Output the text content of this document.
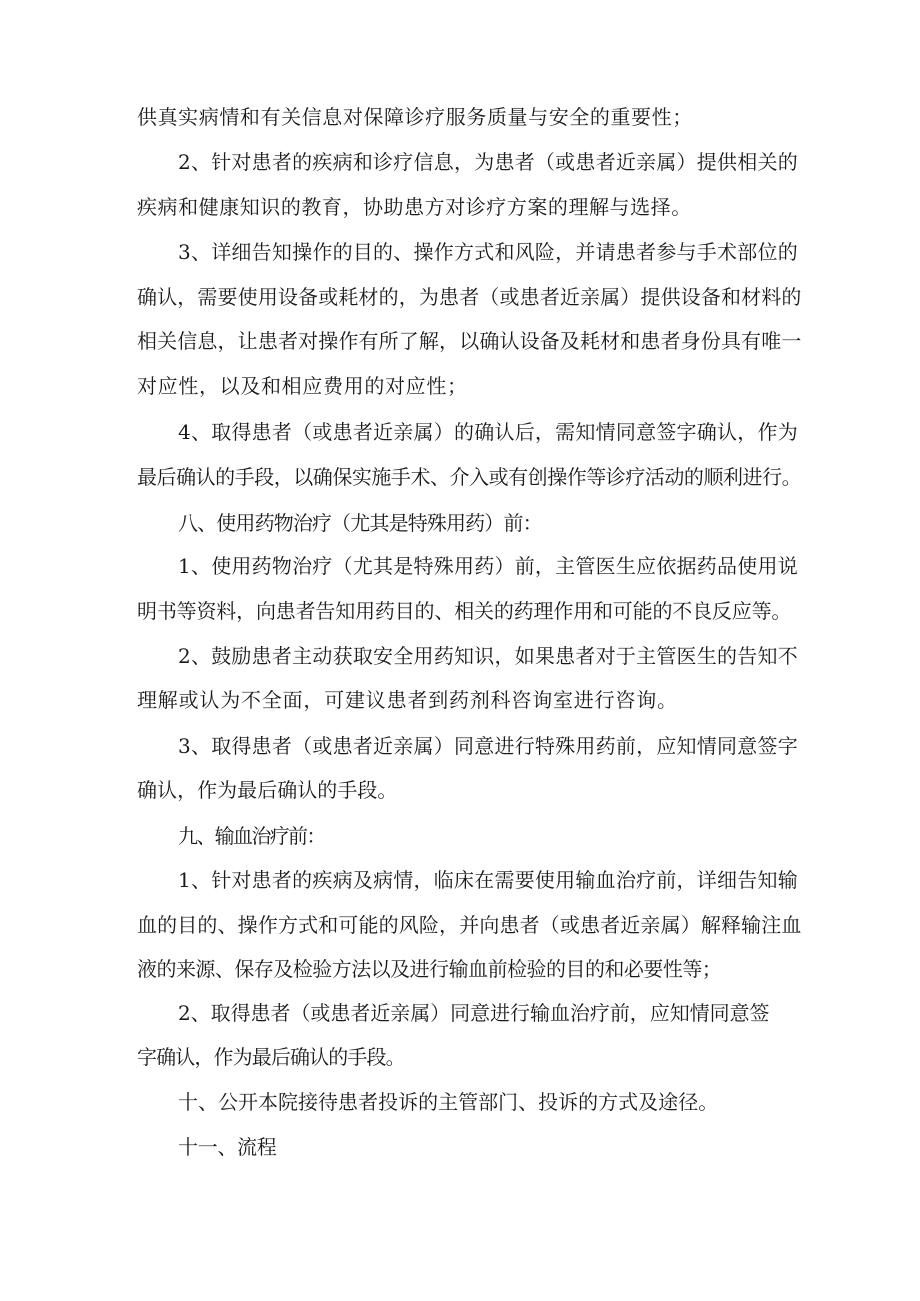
供真实病情和有关信息对保障诊疗服务质量与安全的重要性；
2、针对患者的疾病和诊疗信息，为患者（或患者近亲属）提供相关的
疾病和健康知识的教育，协助患方对诊疗方案的理解与选择。
3、详细告知操作的目的、操作方式和风险，并请患者参与手术部位的
确认，需要使用设备或耗材的，为患者（或患者近亲属）提供设备和材料的
相关信息，让患者对操作有所了解，以确认设备及耗材和患者身份具有唯一
对应性，以及和相应费用的对应性；
4、取得患者（或患者近亲属）的确认后，需知情同意签字确认，作为
最后确认的手段，以确保实施手术、介入或有创操作等诊疗活动的顺利进行。
八、使用药物治疗（尤其是特殊用药）前：
1、使用药物治疗（尤其是特殊用药）前，主管医生应依据药品使用说
明书等资料，向患者告知用药目的、相关的药理作用和可能的不良反应等。
2、鼓励患者主动获取安全用药知识，如果患者对于主管医生的告知不
理解或认为不全面，可建议患者到药剂科咨询室进行咨询。
3、取得患者（或患者近亲属）同意进行特殊用药前，应知情同意签字
确认，作为最后确认的手段。
九、输血治疗前：
1、针对患者的疾病及病情，临床在需要使用输血治疗前，详细告知输
血的目的、操作方式和可能的风险，并向患者（或患者近亲属）解释输注血
液的来源、保存及检验方法以及进行输血前检验的目的和必要性等；
2、取得患者（或患者近亲属）同意进行输血治疗前，应知情同意签
字确认，作为最后确认的手段。
十、公开本院接待患者投诉的主管部门、投诉的方式及途径。
十一、流程
